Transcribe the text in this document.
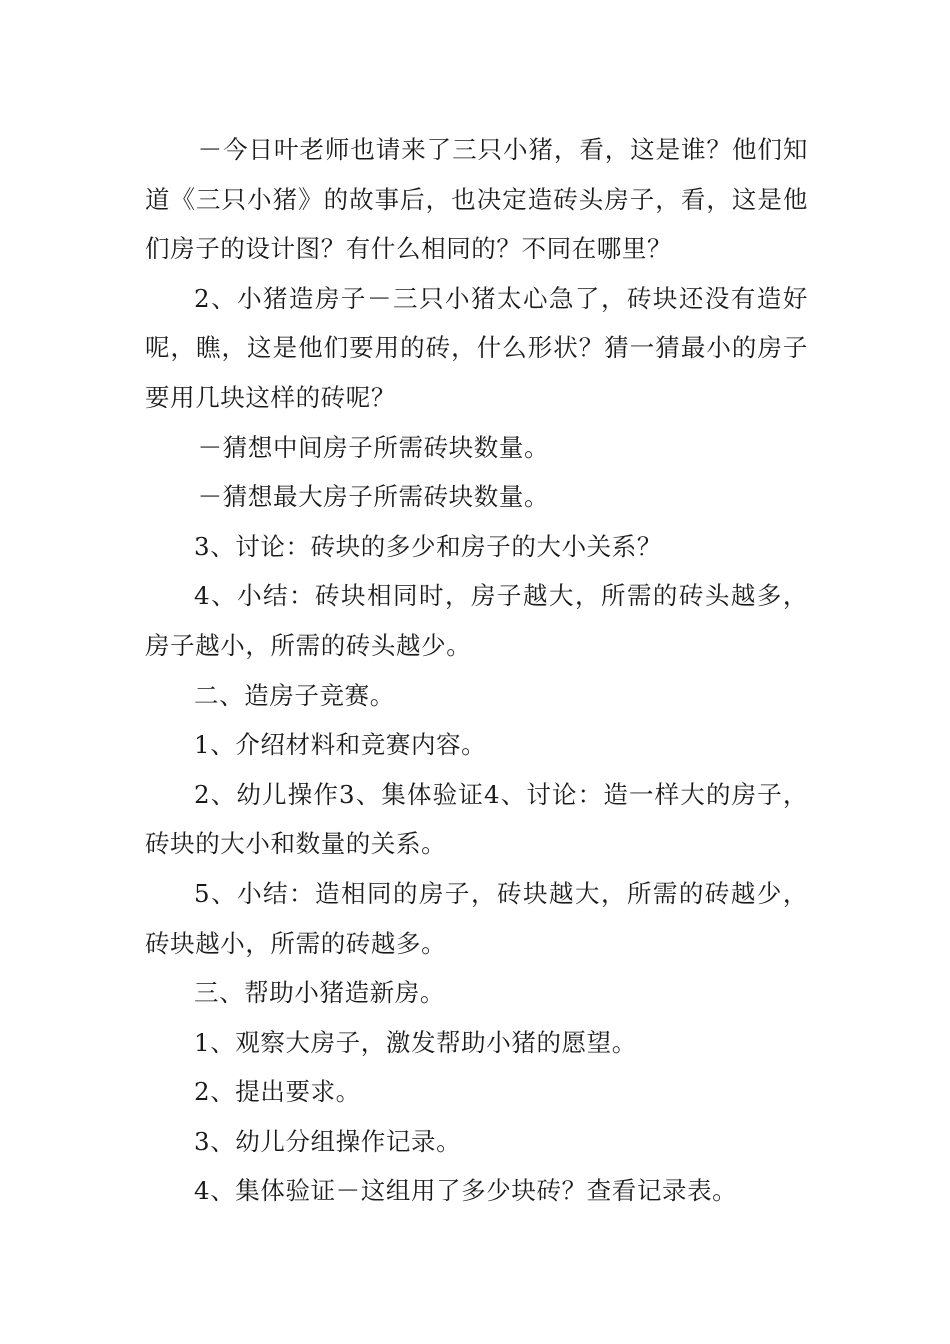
－今日叶老师也请来了三只小猪，看，这是谁？他们知道《三只小猪》的故事后，也决定造砖头房子，看，这是他们房子的设计图？有什么相同的？不同在哪里？

2、小猪造房子－三只小猪太心急了，砖块还没有造好呢，瞧，这是他们要用的砖，什么形状？猜一猜最小的房子要用几块这样的砖呢？

－猜想中间房子所需砖块数量。

－猜想最大房子所需砖块数量。

3、讨论：砖块的多少和房子的大小关系？

4、小结：砖块相同时，房子越大，所需的砖头越多，房子越小，所需的砖头越少。

二、造房子竞赛。

1、介绍材料和竞赛内容。

2、幼儿操作3、集体验证4、讨论：造一样大的房子，砖块的大小和数量的关系。

5、小结：造相同的房子，砖块越大，所需的砖越少，砖块越小，所需的砖越多。

三、帮助小猪造新房。

1、观察大房子，激发帮助小猪的愿望。

2、提出要求。

3、幼儿分组操作记录。

4、集体验证－这组用了多少块砖？查看记录表。
